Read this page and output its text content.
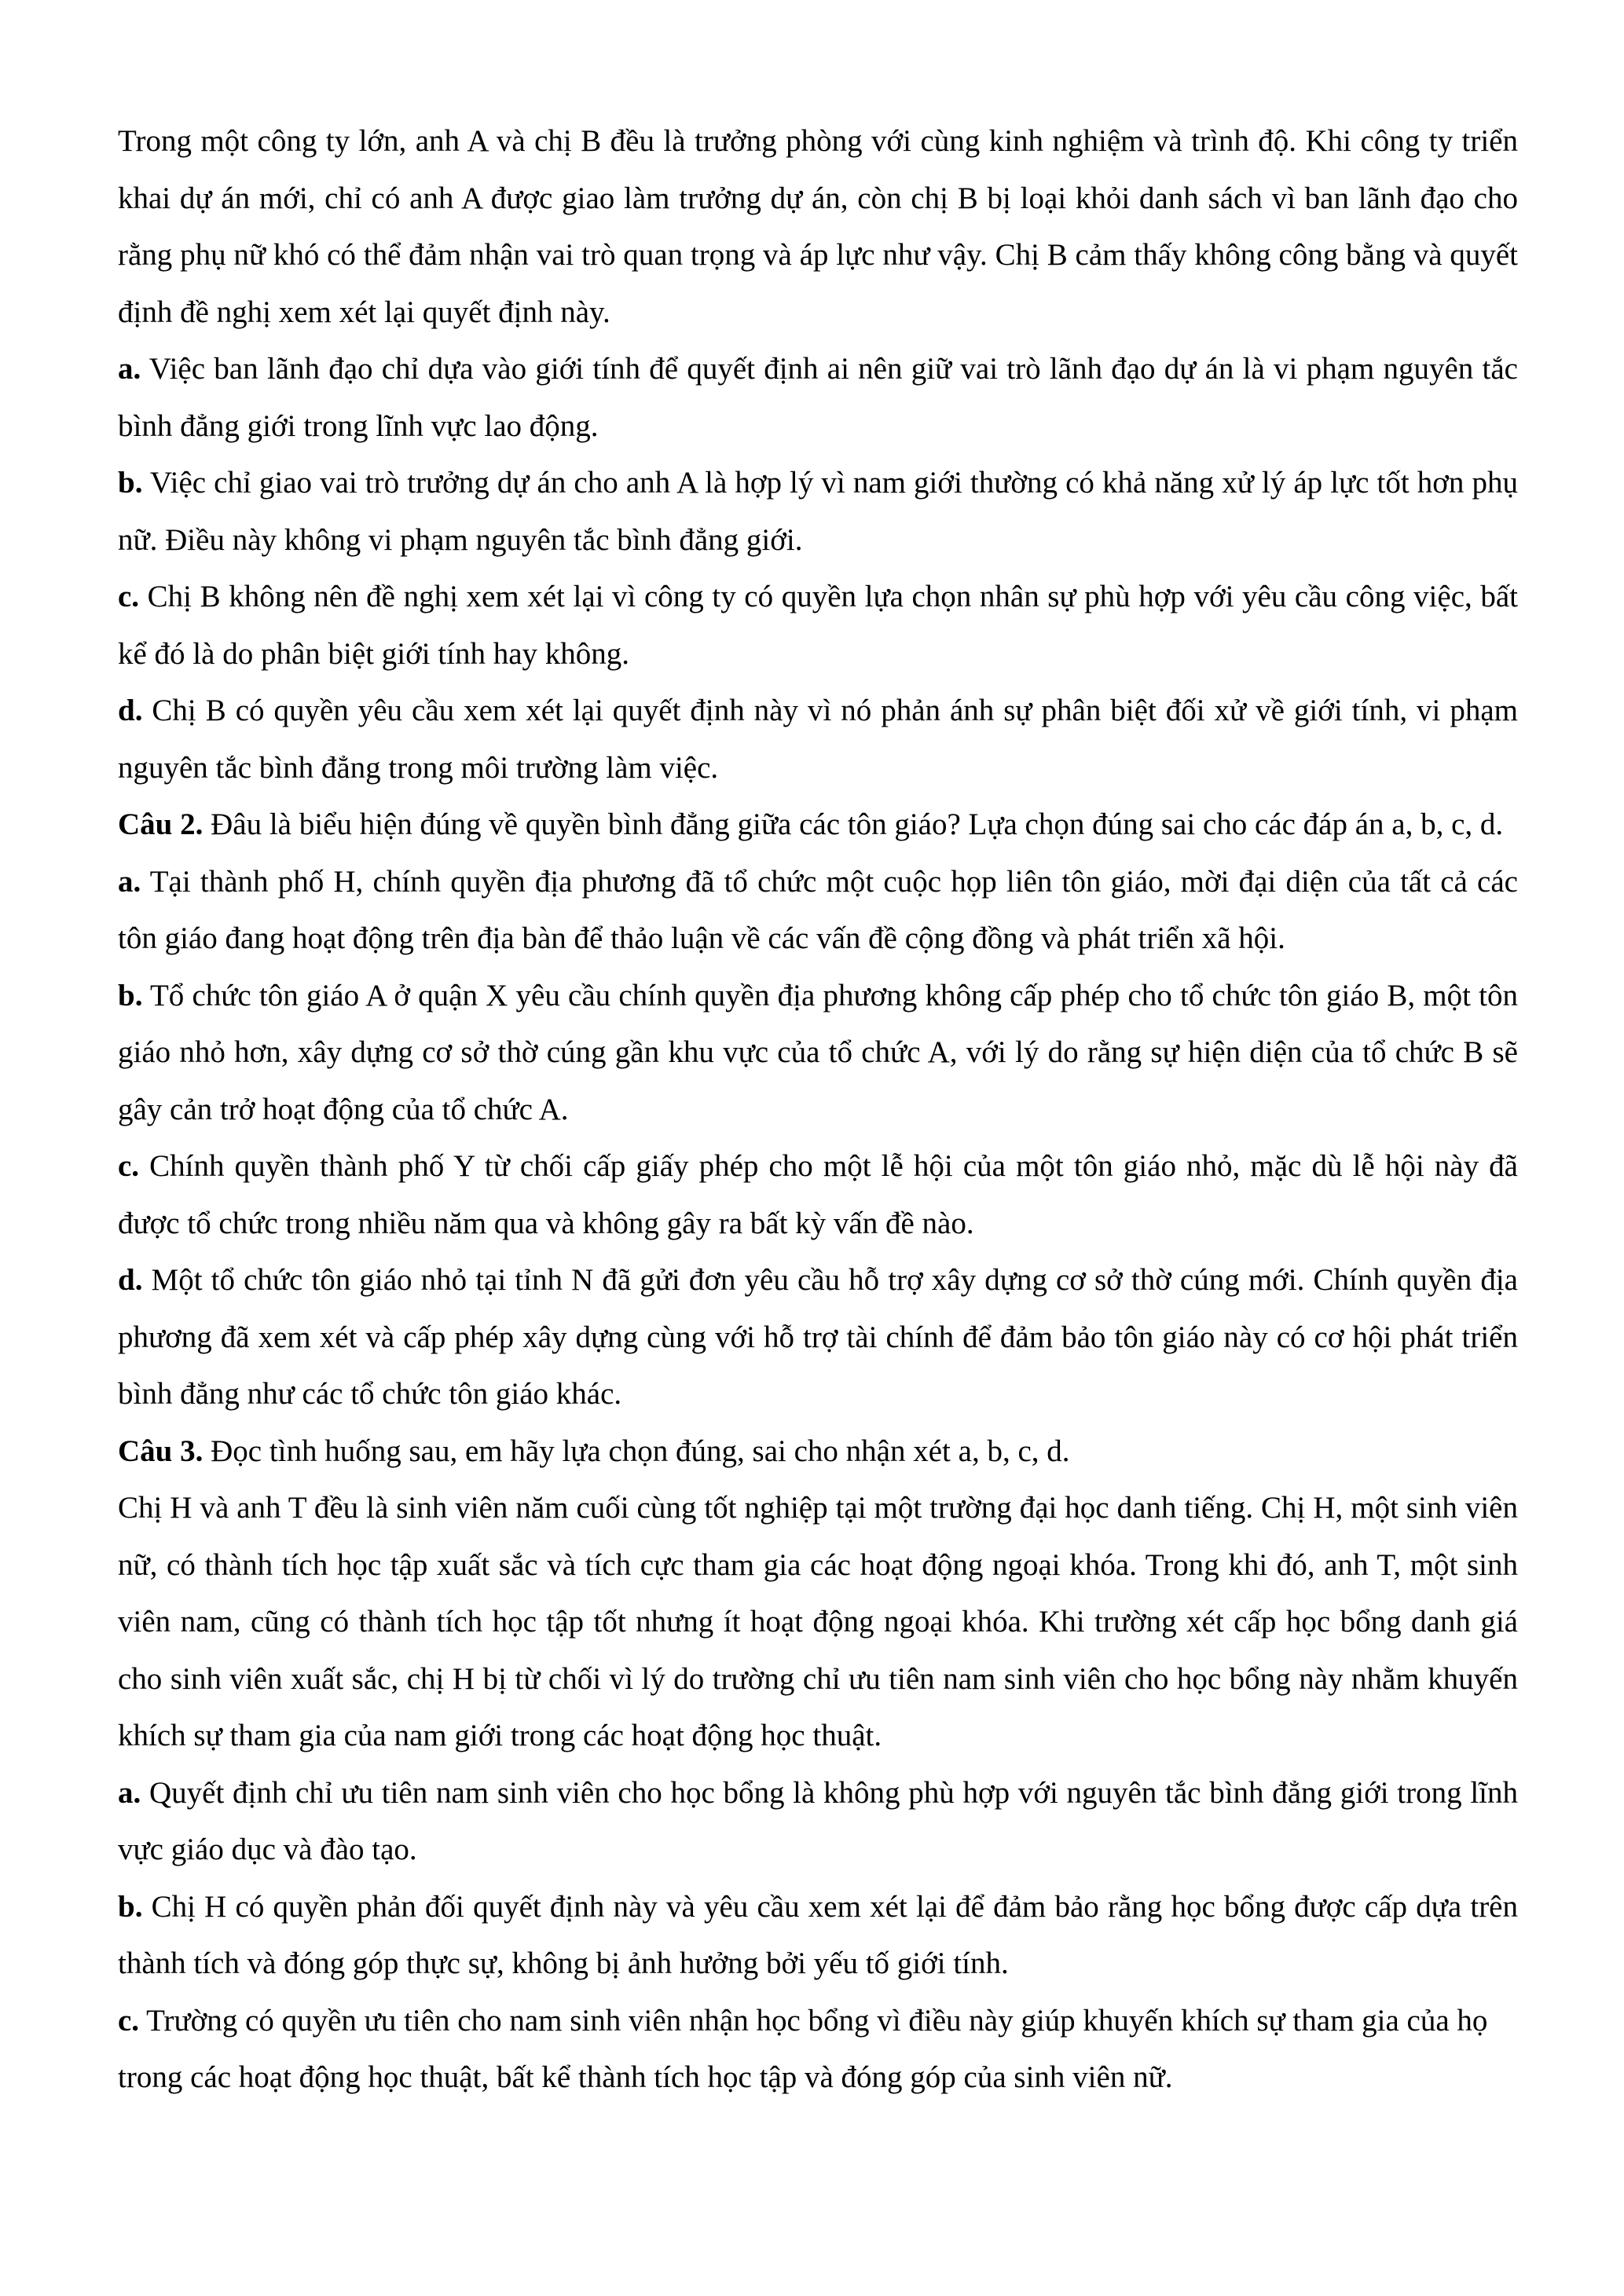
Trong một công ty lớn, anh A và chị B đều là trưởng phòng với cùng kinh nghiệm và trình độ. Khi công ty triển khai dự án mới, chỉ có anh A được giao làm trưởng dự án, còn chị B bị loại khỏi danh sách vì ban lãnh đạo cho rằng phụ nữ khó có thể đảm nhận vai trò quan trọng và áp lực như vậy. Chị B cảm thấy không công bằng và quyết định đề nghị xem xét lại quyết định này.

a. Việc ban lãnh đạo chỉ dựa vào giới tính để quyết định ai nên giữ vai trò lãnh đạo dự án là vi phạm nguyên tắc bình đẳng giới trong lĩnh vực lao động.

b. Việc chỉ giao vai trò trưởng dự án cho anh A là hợp lý vì nam giới thường có khả năng xử lý áp lực tốt hơn phụ nữ. Điều này không vi phạm nguyên tắc bình đẳng giới.

c. Chị B không nên đề nghị xem xét lại vì công ty có quyền lựa chọn nhân sự phù hợp với yêu cầu công việc, bất kể đó là do phân biệt giới tính hay không.

d. Chị B có quyền yêu cầu xem xét lại quyết định này vì nó phản ánh sự phân biệt đối xử về giới tính, vi phạm nguyên tắc bình đẳng trong môi trường làm việc.

Câu 2. Đâu là biểu hiện đúng về quyền bình đẳng giữa các tôn giáo? Lựa chọn đúng sai cho các đáp án a, b, c, d.

a. Tại thành phố H, chính quyền địa phương đã tổ chức một cuộc họp liên tôn giáo, mời đại diện của tất cả các tôn giáo đang hoạt động trên địa bàn để thảo luận về các vấn đề cộng đồng và phát triển xã hội.

b. Tổ chức tôn giáo A ở quận X yêu cầu chính quyền địa phương không cấp phép cho tổ chức tôn giáo B, một tôn giáo nhỏ hơn, xây dựng cơ sở thờ cúng gần khu vực của tổ chức A, với lý do rằng sự hiện diện của tổ chức B sẽ gây cản trở hoạt động của tổ chức A.

c. Chính quyền thành phố Y từ chối cấp giấy phép cho một lễ hội của một tôn giáo nhỏ, mặc dù lễ hội này đã được tổ chức trong nhiều năm qua và không gây ra bất kỳ vấn đề nào.

d. Một tổ chức tôn giáo nhỏ tại tỉnh N đã gửi đơn yêu cầu hỗ trợ xây dựng cơ sở thờ cúng mới. Chính quyền địa phương đã xem xét và cấp phép xây dựng cùng với hỗ trợ tài chính để đảm bảo tôn giáo này có cơ hội phát triển bình đẳng như các tổ chức tôn giáo khác.

Câu 3. Đọc tình huống sau, em hãy lựa chọn đúng, sai cho nhận xét a, b, c, d.

Chị H và anh T đều là sinh viên năm cuối cùng tốt nghiệp tại một trường đại học danh tiếng. Chị H, một sinh viên nữ, có thành tích học tập xuất sắc và tích cực tham gia các hoạt động ngoại khóa. Trong khi đó, anh T, một sinh viên nam, cũng có thành tích học tập tốt nhưng ít hoạt động ngoại khóa. Khi trường xét cấp học bổng danh giá cho sinh viên xuất sắc, chị H bị từ chối vì lý do trường chỉ ưu tiên nam sinh viên cho học bổng này nhằm khuyến khích sự tham gia của nam giới trong các hoạt động học thuật.

a. Quyết định chỉ ưu tiên nam sinh viên cho học bổng là không phù hợp với nguyên tắc bình đẳng giới trong lĩnh vực giáo dục và đào tạo.

b. Chị H có quyền phản đối quyết định này và yêu cầu xem xét lại để đảm bảo rằng học bổng được cấp dựa trên thành tích và đóng góp thực sự, không bị ảnh hưởng bởi yếu tố giới tính.

c. Trường có quyền ưu tiên cho nam sinh viên nhận học bổng vì điều này giúp khuyến khích sự tham gia của họ trong các hoạt động học thuật, bất kể thành tích học tập và đóng góp của sinh viên nữ.
